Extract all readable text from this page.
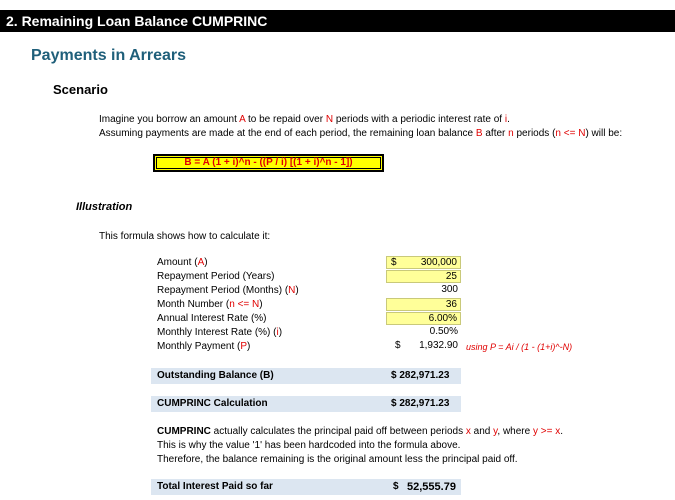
2. Remaining Loan Balance CUMPRINC
Payments in Arrears
Scenario
Imagine you borrow an amount A to be repaid over N periods with a periodic interest rate of i.
Assuming payments are made at the end of each period, the remaining loan balance B after n periods (n <= N) will be:
B = A (1 + i)^n - ((P / i) [(1 + i)^n - 1])
Illustration
This formula shows how to calculate it:
Amount (A)	$ 300,000
Repayment Period (Years)	25
Repayment Period (Months) (N)	300
Month Number (n <= N)	36
Annual Interest Rate (%)	6.00%
Monthly Interest Rate (%) (i)	0.50%
Monthly Payment (P)	$ 1,932.90 using P = Ai / (1 - (1+i)^-N)
Outstanding Balance (B)	$ 282,971.23
CUMPRINC Calculation	$ 282,971.23
CUMPRINC actually calculates the principal paid off between periods x and y, where y >= x.
This is why the value '1' has been hardcoded into the formula above.
Therefore, the balance remaining is the original amount less the principal paid off.
Total Interest Paid so far	$ 52,555.79
